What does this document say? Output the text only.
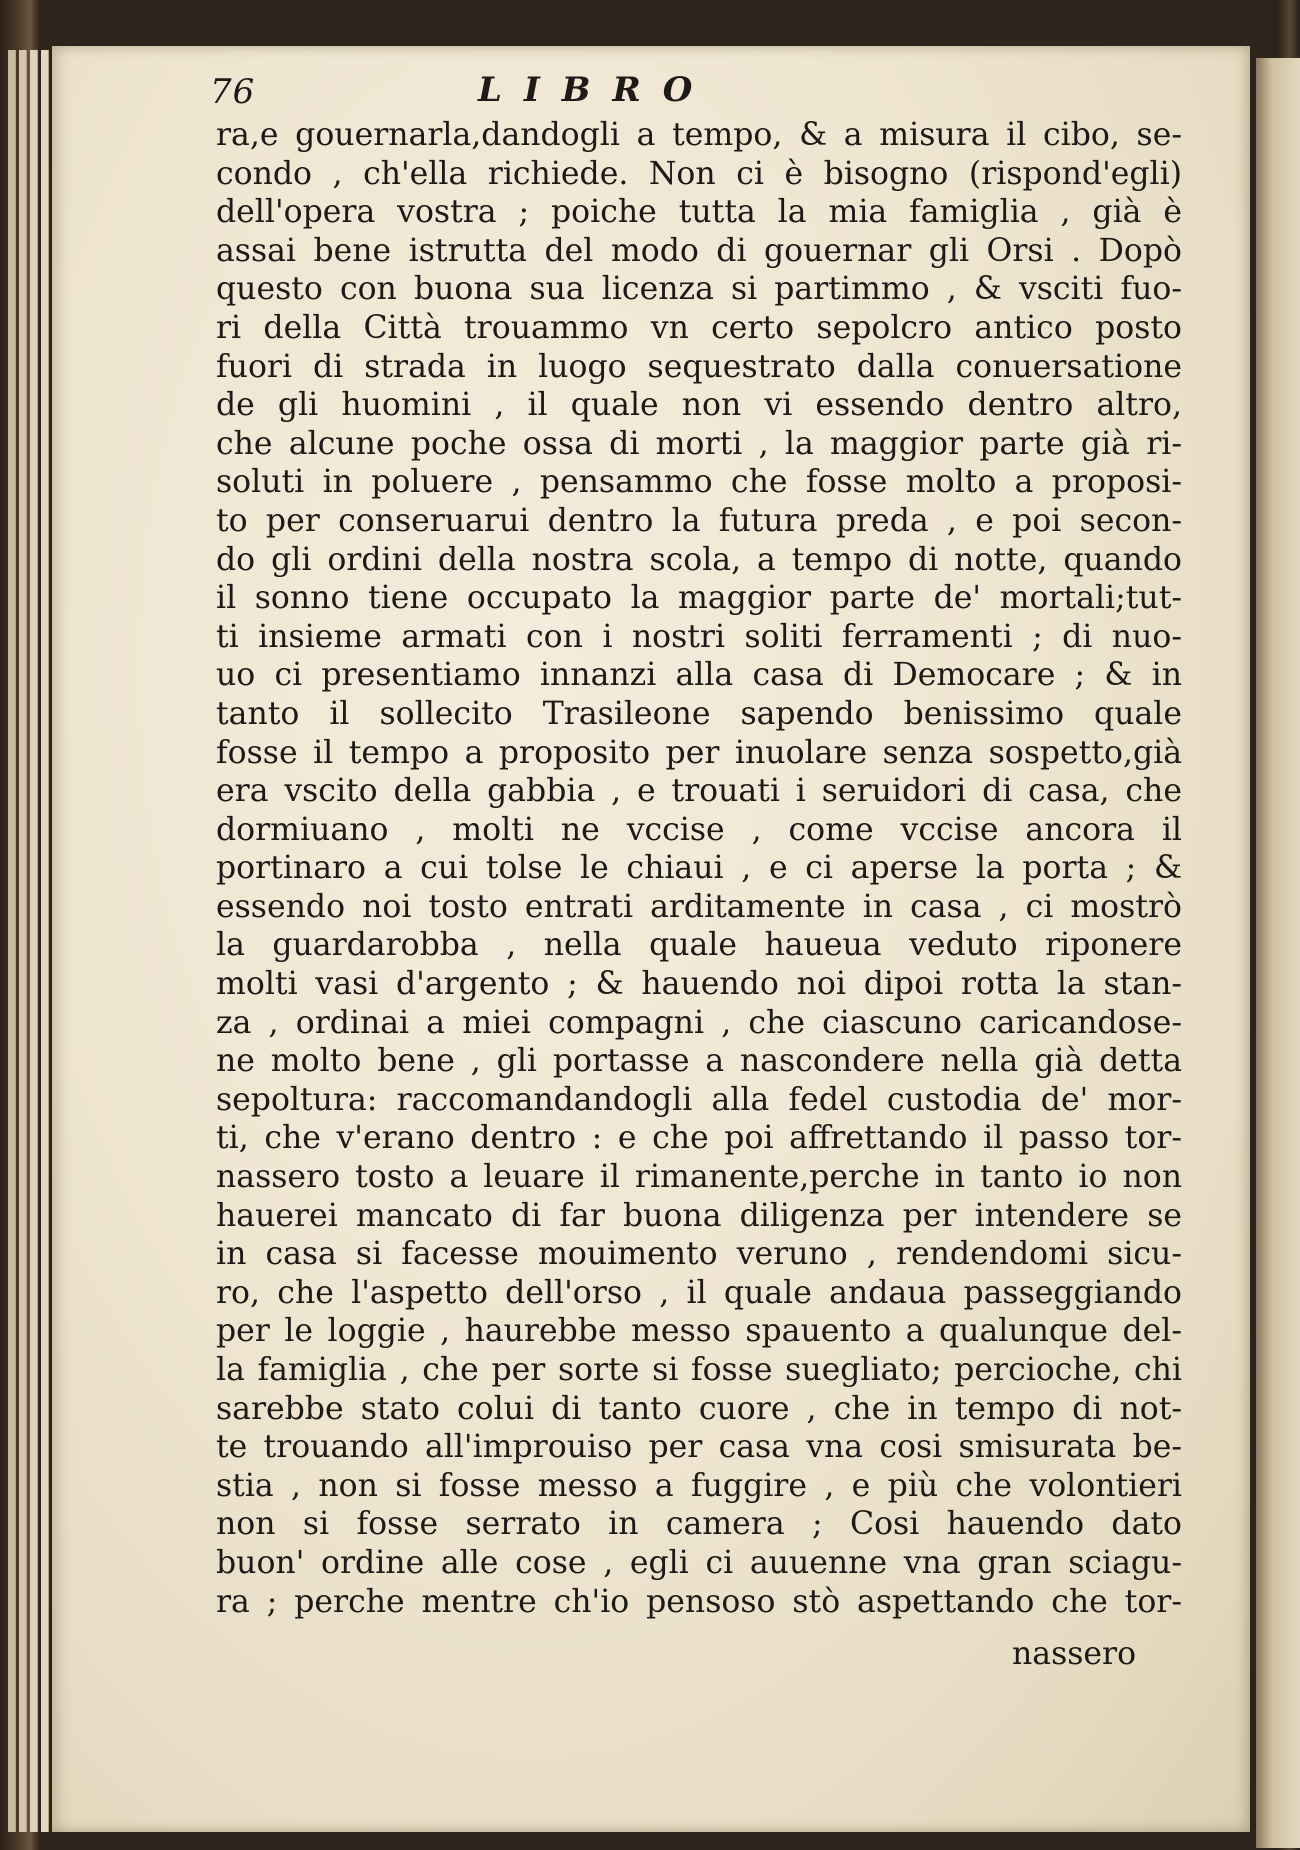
76	LIBRO
ra,e gouernarla,dandogli a tempo, & a misura il cibo, se-
condo , ch'ella richiede. Non ci è bisogno (rispond'egli)
dell'opera vostra ; poiche tutta la mia famiglia , già è
assai bene istrutta del modo di gouernar gli Orsi . Dopò
questo con buona sua licenza si partimmo , & vsciti fuo-
ri della Città trouammo vn certo sepolcro antico posto
fuori di strada in luogo sequestrato dalla conuersatione
de gli huomini , il quale non vi essendo dentro altro,
che alcune poche ossa di morti , la maggior parte già ri-
soluti in poluere , pensammo che fosse molto a proposi-
to per conseruarui dentro la futura preda , e poi secon-
do gli ordini della nostra scola, a tempo di notte, quando
il sonno tiene occupato la maggior parte de' mortali;tut-
ti insieme armati con i nostri soliti ferramenti ; di nuo-
uo ci presentiamo innanzi alla casa di Democare ; & in
tanto il sollecito Trasileone sapendo benissimo quale
fosse il tempo a proposito per inuolare senza sospetto,già
era vscito della gabbia , e trouati i seruidori di casa, che
dormiuano , molti ne vccise , come vccise ancora il
portinaro a cui tolse le chiaui , e ci aperse la porta ; &
essendo noi tosto entrati arditamente in casa , ci mostrò
la guardarobba , nella quale haueua veduto riponere
molti vasi d'argento ; & hauendo noi dipoi rotta la stan-
za , ordinai a miei compagni , che ciascuno caricandose-
ne molto bene , gli portasse a nascondere nella già detta
sepoltura: raccomandandogli alla fedel custodia de' mor-
ti, che v'erano dentro : e che poi affrettando il passo tor-
nassero tosto a leuare il rimanente,perche in tanto io non
hauerei mancato di far buona diligenza per intendere se
in casa si facesse mouimento veruno , rendendomi sicu-
ro, che l'aspetto dell'orso , il quale andaua passeggiando
per le loggie , haurebbe messo spauento a qualunque del-
la famiglia , che per sorte si fosse suegliato; percioche, chi
sarebbe stato colui di tanto cuore , che in tempo di not-
te trouando all'improuiso per casa vna cosi smisurata be-
stia , non si fosse messo a fuggire , e più che volontieri
non si fosse serrato in camera ; Cosi hauendo dato
buon' ordine alle cose , egli ci auuenne vna gran sciagu-
ra ; perche mentre ch'io pensoso stò aspettando che tor-
nassero
